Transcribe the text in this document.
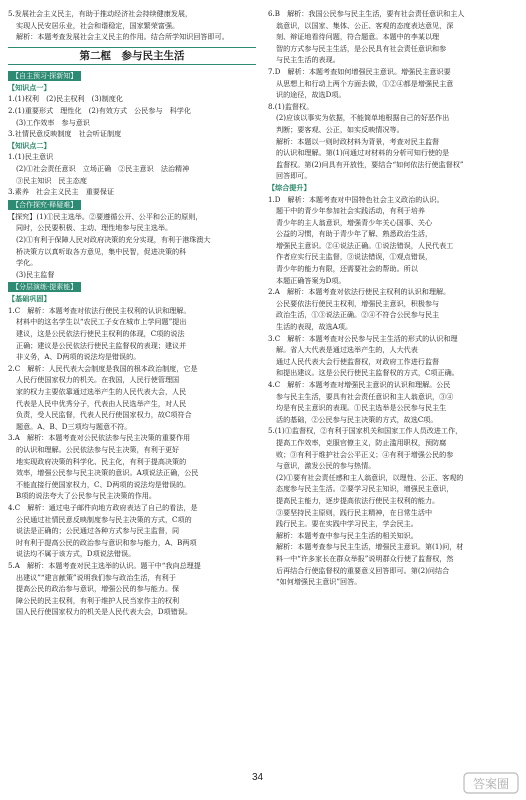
5.发展社会主义民主，有助于推动经济社会持续健康发展，
实现人民安居乐业，社会和谐稳定，国家繁荣富强。
解析：本题考查发展社会主义民主的作用。结合所学知识回答即可。
第二框　参与民主生活
【自主预习·探新知】
【知识点一】
1.(1)权利　(2)民主权利　(3)制度化
2.(1)重要形式　理性化　(2)有效方式　公民参与　科学化
(3)工作效率　参与意识
3.社情民意反映制度　社会听证制度
【知识点二】
1.(1)民主意识
(2)①社会责任意识　立场正确　②民主意识　法治精神
③民主知识　民主态度
3.素养　社会主义民主　重要保证
【合作探究·释疑难】
【探究】(1)①民主选举。②要遵循公开、公平和公正的原则，
同时，公民要积极、主动、理性地参与民主选举。
(2)①有利于保障人民对政府决策的充分实现，有利于港珠澳大
桥决策方以真听取各方意见，集中民智，促进决策的科
学化。
(3)民主监督
【分层演练·提素能】
【基础巩固】
1.C　解析：本题考查对依法行使民主权利的认识和理解。
材料中的这名学生以“农民工子女在城市上学问题”提出
建议，这是公民依法行使民主权利的体现，C项的说法
正确；建议是公民依法行使民主监督权的表现；建议并
非义务，A、D两项的说法均是错误的。
2.C　解析：人民代表大会制度是我国的根本政治制度，它是
人民行使国家权力的机关。在我国，人民行使管理国
家的权力主要依靠通过选举产生的人民代表大会，人民
代表是人民中优秀分子，代表由人民选举产生，对人民
负责，受人民监督，代表人民行使国家权力，故C项符合
题意。A、B、D三项均与题意不符。
3.A　解析：本题考查对公民依法参与民主决策的重要作用
的认识和理解。公民依法参与民主决策，有利于更好
地实现政府决策的科学化、民主化，有利于提高决策的
效率，增强公民参与民主决策的意识。A项说法正确，公民
不能直接行使国家权力，C、D两项的说法均是错误的。
B项的说法夸大了公民参与民主决策的作用。
4.C　解析：通过电子邮件向地方政府表达了自己的看法，是
公民通过社情民意反映制度参与民主决策的方式，C项的
说法是正确的；公民通过各种方式参与民主监督，同
时有利于提高公民的政治参与意识和参与能力，A、B两项
说法均不属于该方式，D项说法错误。
5.A　解析：本题考查对民主选举的认识。题干中“我向总理提
出建议”“建言献策”说明我们参与政治生活，有利于
提高公民的政治参与意识，增强公民的参与能力。保
障公民的民主权利，有利于维护人民当家作主的权利
国人民行使国家权力的机关是人民代表大会，D项错误。
6.B　解析：我国公民参与民主生活，要有社会责任意识和主人
翁意识，以国家、集体、公正、客观的态度表达意见，深
刻、辩证地看待问题，符合题意。本题中的李某以理
智的方式参与民主生活，是公民具有社会责任意识和参
与民主生活的表现。
7.D　解析：本题考查如何增强民主意识。增强民主意识要
从思想上和行动上两个方面去做，①②④都是增强民主意
识的途径，故选D项。
8.(1)监督权。
(2)应该以事实为依据，不能简单地根据自己的好恶作出
判断；要客观、公正，如实反映情况等。
解析：本题以一则时政材料为背景，考查对民主监督
的认识和理解。第(1)问通过对材料的分析可知行使的是
监督权。第(2)问具有开放性，要结合“如何依法行使监督权”
回答即可。
【综合提升】
1.D　解析：本题考查对中国特色社会主义政治的认识。
题干中的青少年参加社会实践活动，有利于培养
青少年的主人翁意识，增强青少年关心国事、关心
公益的习惯，有助于青少年了解、熟悉政治生活，
增强民主意识。②④说法正确。①说法错误，人民代表工
作者应实行民主监督，③说法错误，①观点错误，
青少年的能力有限，还需要社会的帮助。所以
本题正确答案为D项。
2.A　解析：本题考查对依法行使民主权利的认识和理解。
公民要依法行使民主权利，增强民主意识，积极参与
政治生活，①③说法正确。②④不符合公民参与民主
生活的表现，故选A项。
3.C　解析：本题考查对公民参与民主生活的形式的认识和理
解。省人大代表是通过选举产生的，人大代表
通过人民代表大会行使监督权，对政府工作进行监督
和提出建议。这是公民行使民主监督权的方式，C项正确。
4.C　解析：本题考查对增强民主意识的认识和理解。公民
参与民主生活，要具有社会责任意识和主人翁意识，③④
均是有民主意识的表现。①民主选举是公民参与民主生
活的基础，②公民参与民主决策的方式，故选C项。
5.(1)①监督权，②有利于国家机关和国家工作人员改进工作，
提高工作效率，克服官僚主义，防止滥用职权，预防腐
败；③有利于维护社会公平正义；④有利于增强公民的参
与意识，激发公民的参与热情。
(2)①要有社会责任感和主人翁意识，以理性、公正、客观的
态度参与民主生活。②要学习民主知识，增强民主意识，
提高民主能力，逐步提高依法行使民主权利的能力。
③要坚持民主原则，践行民主精神，在日常生活中
践行民主。要在实践中学习民主，学会民主。
解析：本题考查中参与民主生活的相关知识。
解析：本题考查参与民主生活，增强民主意识。第(1)问，材
料一中“许多家长在群众举报”说明群众行使了监督权，然
后再结合行使监督权的重要意义回答即可。第(2)问结合
“如何增强民主意识”回答。
34	答案圈
